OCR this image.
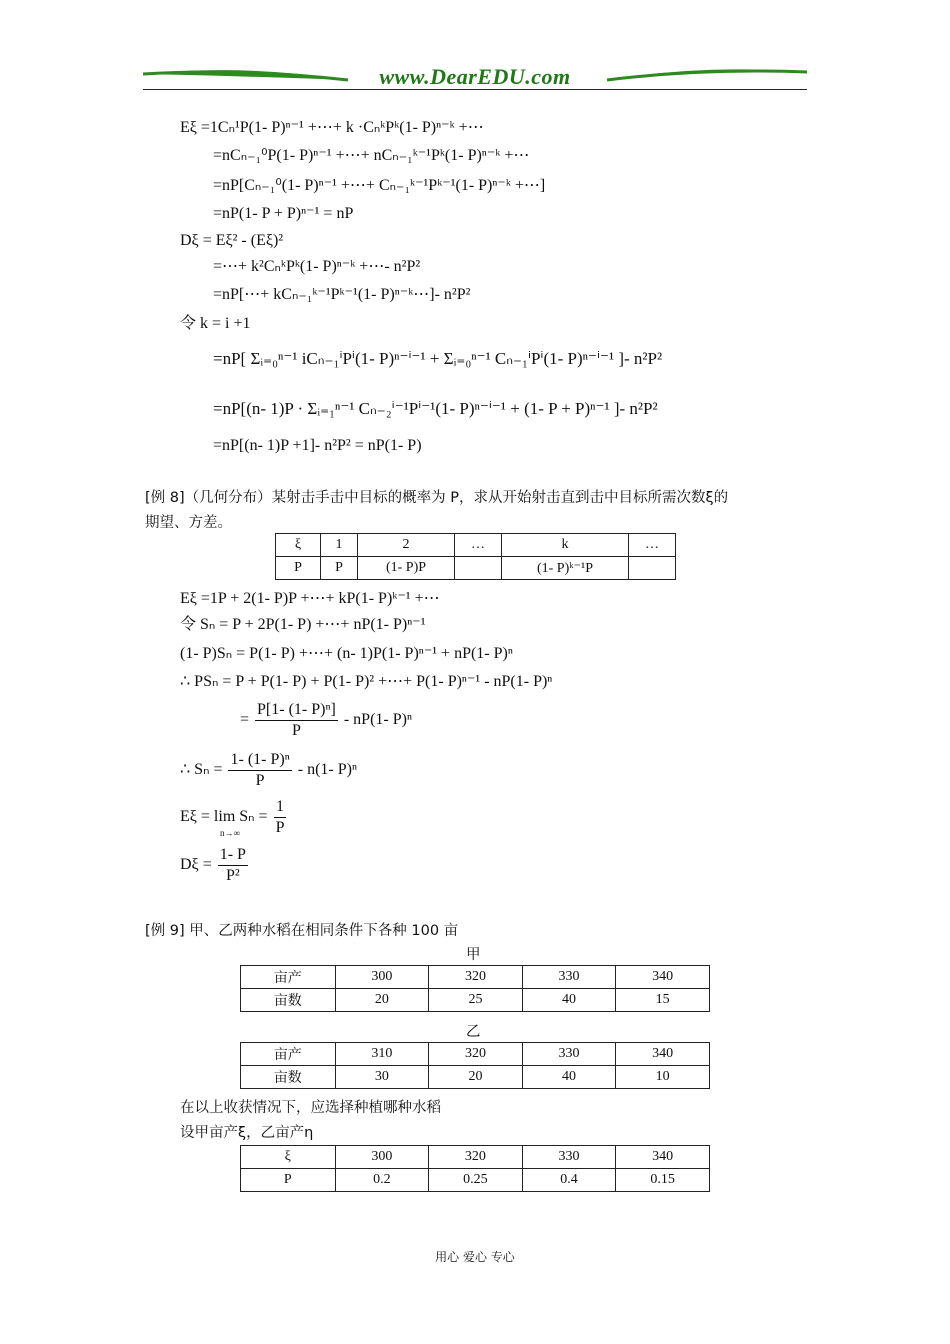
www.DearEDU.com
Eξ =1Cₙ¹P(1- P)ⁿ⁻¹ +⋯+ k ·CₙᵏPᵏ(1- P)ⁿ⁻ᵏ +⋯
=nCₙ₋₁⁰P(1- P)ⁿ⁻¹ +⋯+ nCₙ₋₁ᵏ⁻¹Pᵏ(1- P)ⁿ⁻ᵏ +⋯
=nP[Cₙ₋₁⁰(1- P)ⁿ⁻¹ +⋯+ Cₙ₋₁ᵏ⁻¹Pᵏ⁻¹(1- P)ⁿ⁻ᵏ +⋯]
=nP(1- P + P)ⁿ⁻¹ = nP
Dξ = Eξ² - (Eξ)²
=⋯+ k²CₙᵏPᵏ(1- P)ⁿ⁻ᵏ +⋯- n²P²
=nP[⋯+ kCₙ₋₁ᵏ⁻¹Pᵏ⁻¹(1- P)ⁿ⁻ᵏ⋯]- n²P²
令 k = i +1
=nP[ Σᵢ₌₀ⁿ⁻¹ iCₙ₋₁ⁱPⁱ(1- P)ⁿ⁻ⁱ⁻¹ + Σᵢ₌₀ⁿ⁻¹ Cₙ₋₁ⁱPⁱ(1- P)ⁿ⁻ⁱ⁻¹ ]- n²P²
=nP[(n- 1)P · Σᵢ₌₁ⁿ⁻¹ Cₙ₋₂ⁱ⁻¹Pⁱ⁻¹(1- P)ⁿ⁻ⁱ⁻¹ + (1- P + P)ⁿ⁻¹ ]- n²P²
=nP[(n- 1)P +1]- n²P² = nP(1- P)
[例 8]（几何分布）某射击手击中目标的概率为 P，求从开始射击直到击中目标所需次数ξ的
期望、方差。
ξ	1	2	…	k	…
P	P	(1- P)P		(1- P)ᵏ⁻¹P	
Eξ =1P + 2(1- P)P +⋯+ kP(1- P)ᵏ⁻¹ +⋯
令 Sₙ = P + 2P(1- P) +⋯+ nP(1- P)ⁿ⁻¹
(1- P)Sₙ = P(1- P) +⋯+ (n- 1)P(1- P)ⁿ⁻¹ + nP(1- P)ⁿ
∴ PSₙ = P + P(1- P) + P(1- P)² +⋯+ P(1- P)ⁿ⁻¹ - nP(1- P)ⁿ
= $\frac{\text{P[1- (1- P)ⁿ]}}{P} - nP(1-$ P)ⁿ
∴ $S_n = \frac{\text{1- (1- P)ⁿ}}{P} - n(1-$ P)ⁿ
$E\xi = \lim S_n = \frac{1}{P}$
n→∞
$D\xi = \frac{1- P}{\text{P²}}$
[例 9] 甲、乙两种水稻在相同条件下各种 100 亩
甲
亩产	300	320	330	340
亩数	20	25	40	15
乙
亩产	310	320	330	340
亩数	30	20	40	10
在以上收获情况下，应选择种植哪种水稻
设甲亩产ξ，乙亩产η
ξ	300	320	330	340
P	0.2	0.25	0.4	0.15
用心 爱心 专心
